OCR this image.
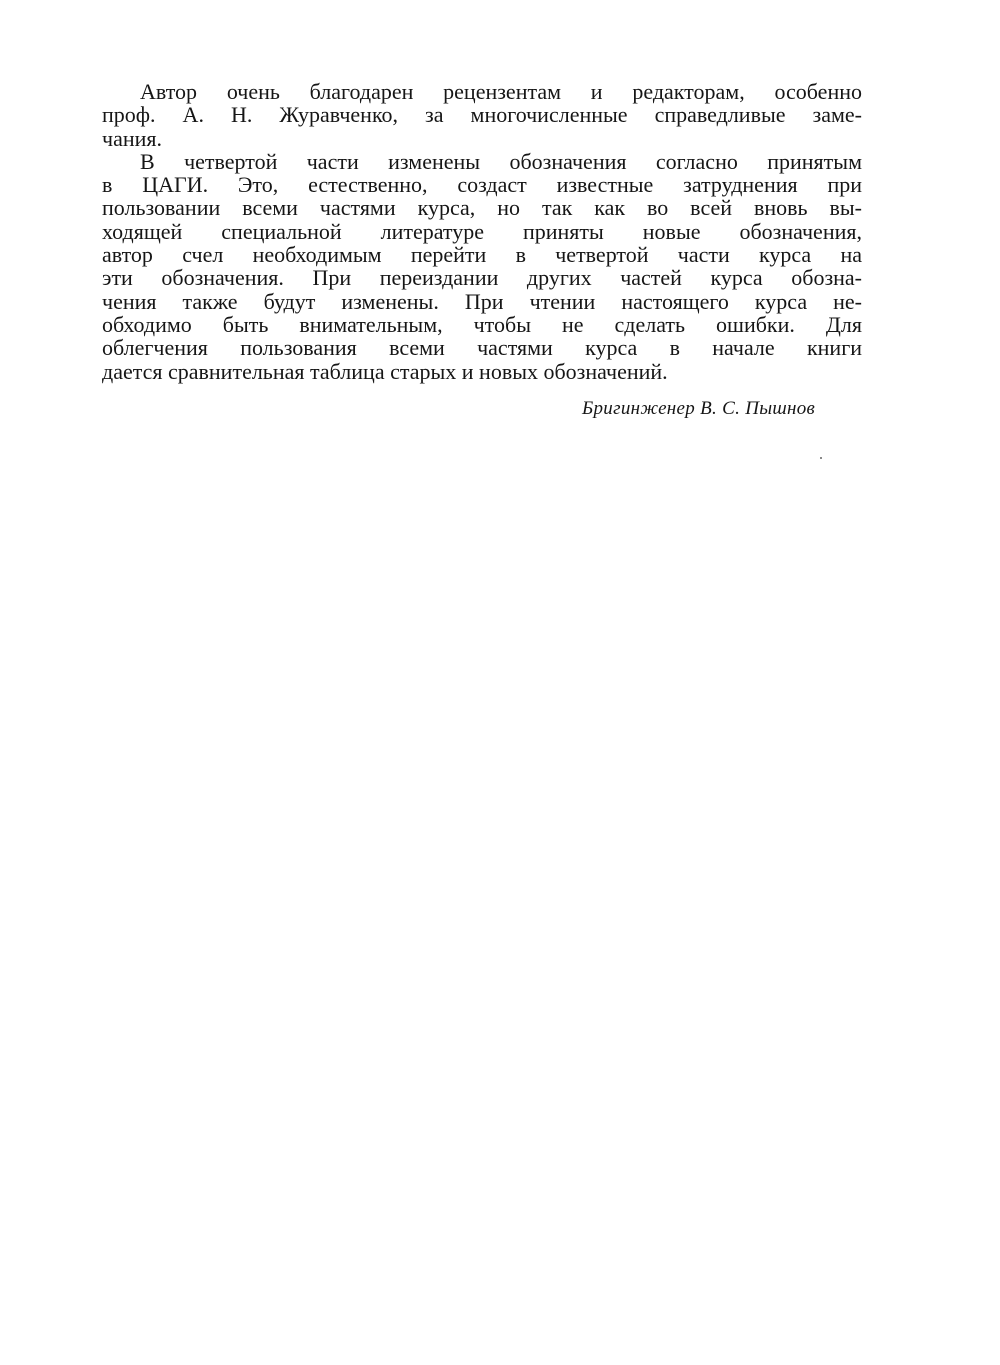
Автор очень благодарен рецензентам и редакторам, особенно
проф. А. Н. Журавченко, за многочисленные справедливые заме-
чания.
В четвертой части изменены обозначения согласно принятым
в ЦАГИ. Это, естественно, создаст известные затруднения при
пользовании всеми частями курса, но так как во всей вновь вы-
ходящей специальной литературе приняты новые обозначения,
автор счел необходимым перейти в четвертой части курса на
эти обозначения. При переиздании других частей курса обозна-
чения также будут изменены. При чтении настоящего курса не-
обходимо быть внимательным, чтобы не сделать ошибки. Для
облегчения пользования всеми частями курса в начале книги
дается сравнительная таблица старых и новых обозначений.
Бригинженер В. С. Пышнов
